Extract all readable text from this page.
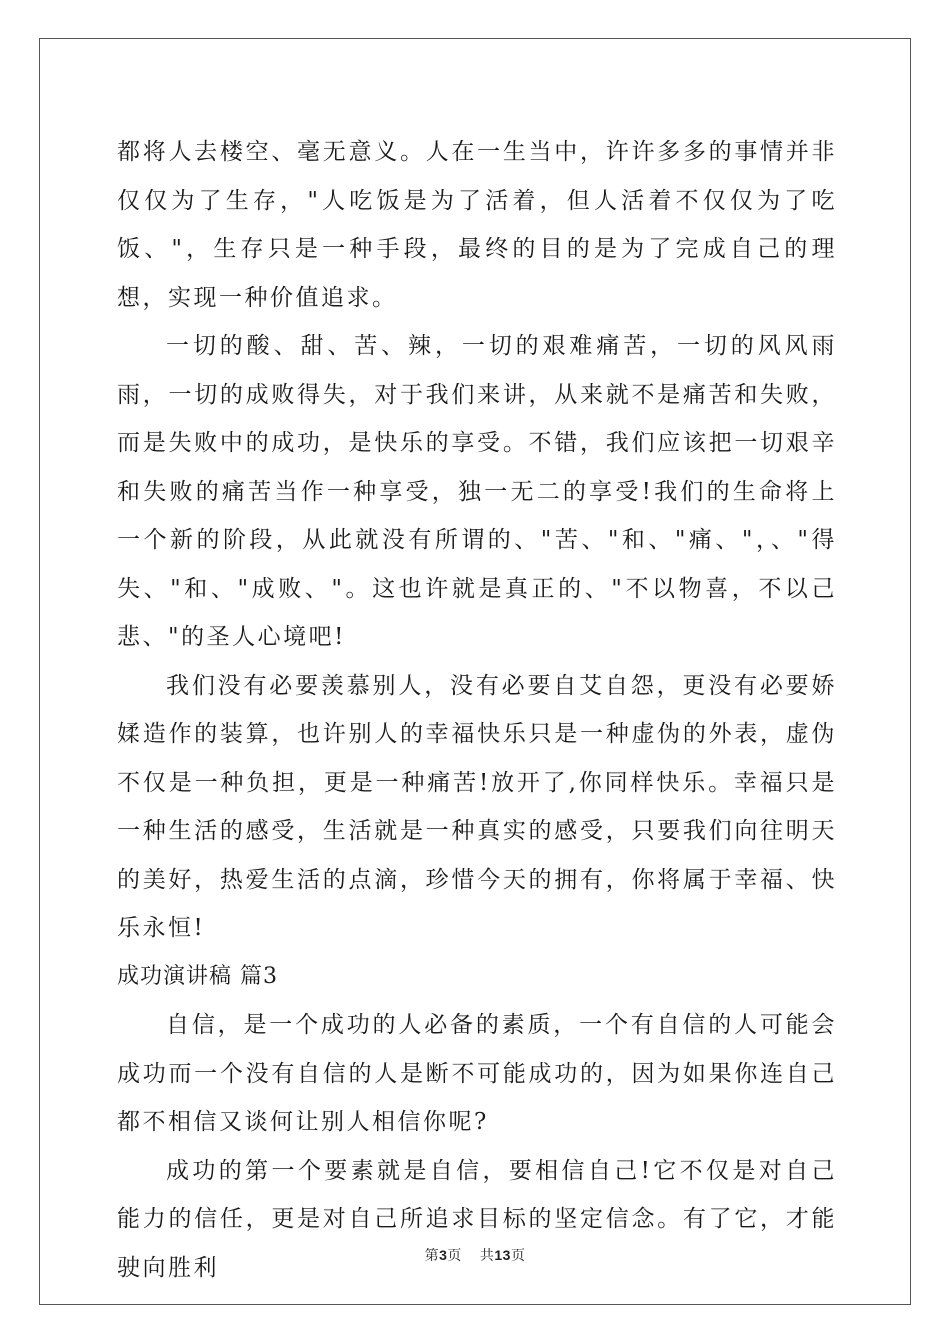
都将人去楼空、毫无意义。人在一生当中，许许多多的事情并非仅仅为了生存，"人吃饭是为了活着，但人活着不仅仅为了吃饭、"，生存只是一种手段，最终的目的是为了完成自己的理想，实现一种价值追求。

一切的酸、甜、苦、辣，一切的艰难痛苦，一切的风风雨雨，一切的成败得失，对于我们来讲，从来就不是痛苦和失败，而是失败中的成功，是快乐的享受。不错，我们应该把一切艰辛和失败的痛苦当作一种享受，独一无二的享受!我们的生命将上一个新的阶段，从此就没有所谓的、"苦、"和、"痛、"，、"得失、"和、"成败、"。这也许就是真正的、"不以物喜，不以己悲、"的圣人心境吧!

我们没有必要羡慕别人，没有必要自艾自怨，更没有必要娇媃造作的装算，也许别人的幸福快乐只是一种虚伪的外表，虚伪不仅是一种负担，更是一种痛苦!放开了,你同样快乐。幸福只是一种生活的感受，生活就是一种真实的感受，只要我们向往明天的美好，热爱生活的点滴，珍惜今天的拥有，你将属于幸福、快乐永恒!

成功演讲稿 篇3

自信，是一个成功的人必备的素质，一个有自信的人可能会成功而一个没有自信的人是断不可能成功的，因为如果你连自己都不相信又谈何让别人相信你呢?

成功的第一个要素就是自信，要相信自己!它不仅是对自己能力的信任，更是对自己所追求目标的坚定信念。有了它，才能驶向胜利	第3页 共13页
